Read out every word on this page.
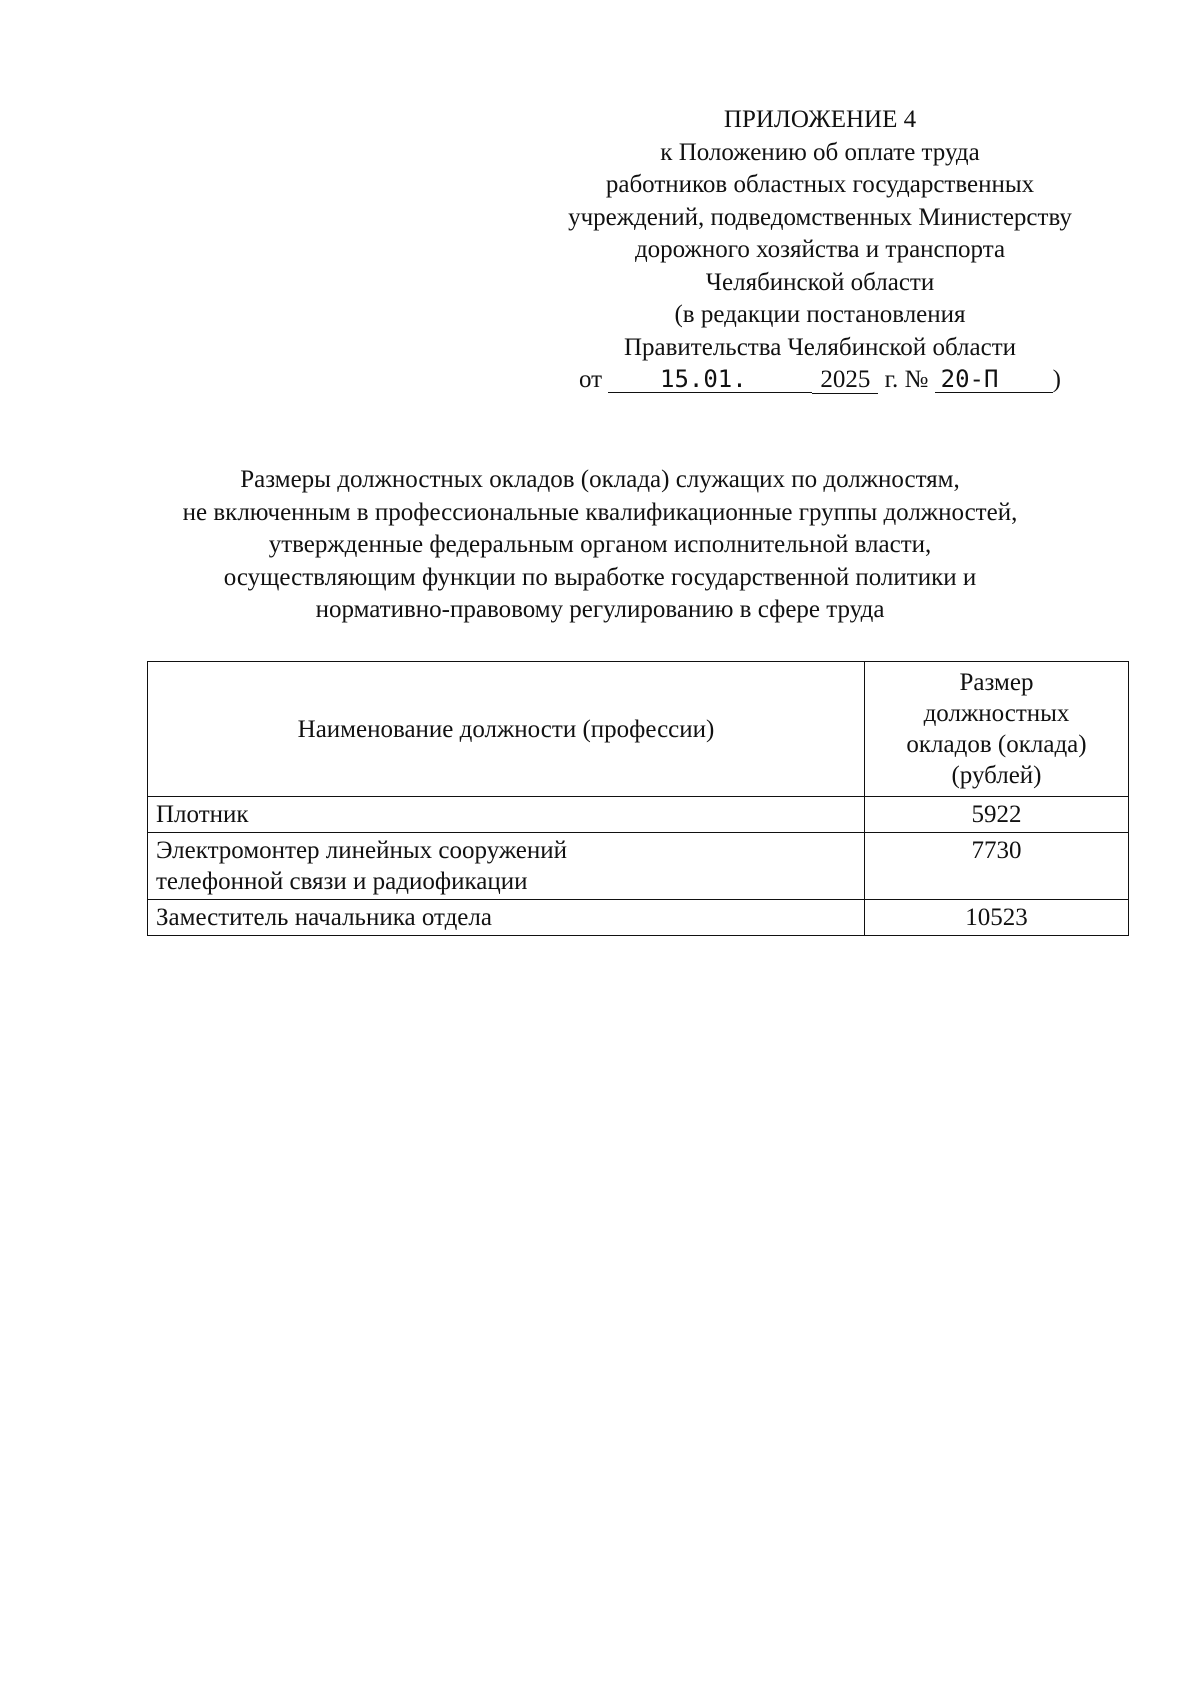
ПРИЛОЖЕНИЕ 4
к Положению об оплате труда
работников областных государственных
учреждений, подведомственных Министерству
дорожного хозяйства и транспорта
Челябинской области
(в редакции постановления
Правительства Челябинской области
от 15.01.	2025 г. № 20-П )
Размеры должностных окладов (оклада) служащих по должностям,
не включенным в профессиональные квалификационные группы должностей,
утвержденные федеральным органом исполнительной власти,
осуществляющим функции по выработке государственной политики и
нормативно-правовому регулированию в сфере труда
Наименование должности (профессии)	Размер
должностных
окладов (оклада)
(рублей)

Плотник	5922

Электромонтер линейных сооружений
телефонной связи и радиофикации	7730

Заместитель начальника отдела	10523
